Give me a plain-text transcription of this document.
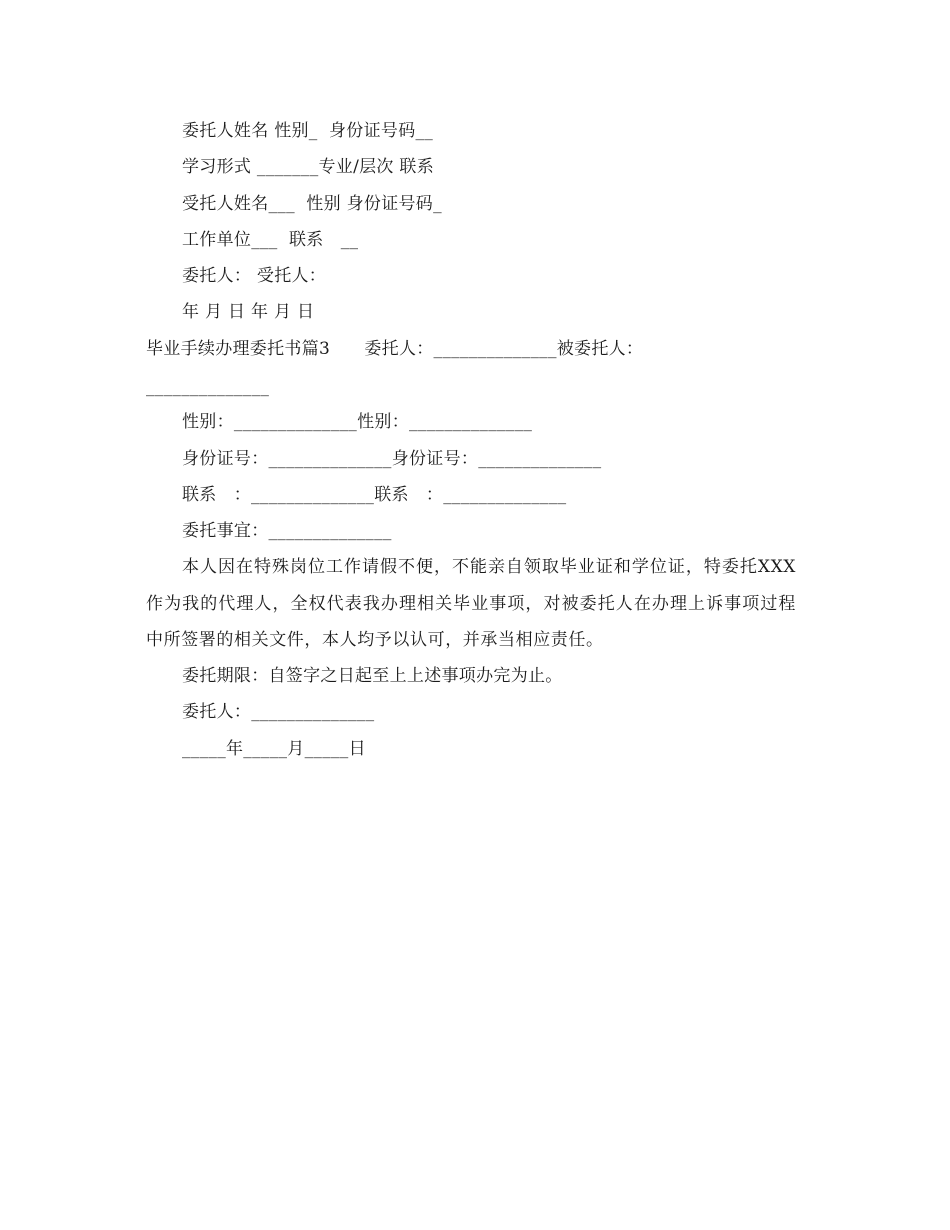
委托人姓名 性别_  身份证号码__
学习形式 _______专业/层次 联系
受托人姓名___  性别 身份证号码_
工作单位___  联系   __
委托人： 受托人：
年 月 日 年 月 日
毕业手续办理委托书篇3      委托人：______________被委托人：
______________
性别：______________性别：______________
身份证号：______________身份证号：______________
联系   ：______________联系   ：______________
委托事宜：______________
本人因在特殊岗位工作请假不便，不能亲自领取毕业证和学位证，特委托XXX作为我的代理人，全权代表我办理相关毕业事项，对被委托人在办理上诉事项过程中所签署的相关文件，本人均予以认可，并承当相应责任。
委托期限：自签字之日起至上上述事项办完为止。
委托人：______________
_____年_____月_____日
